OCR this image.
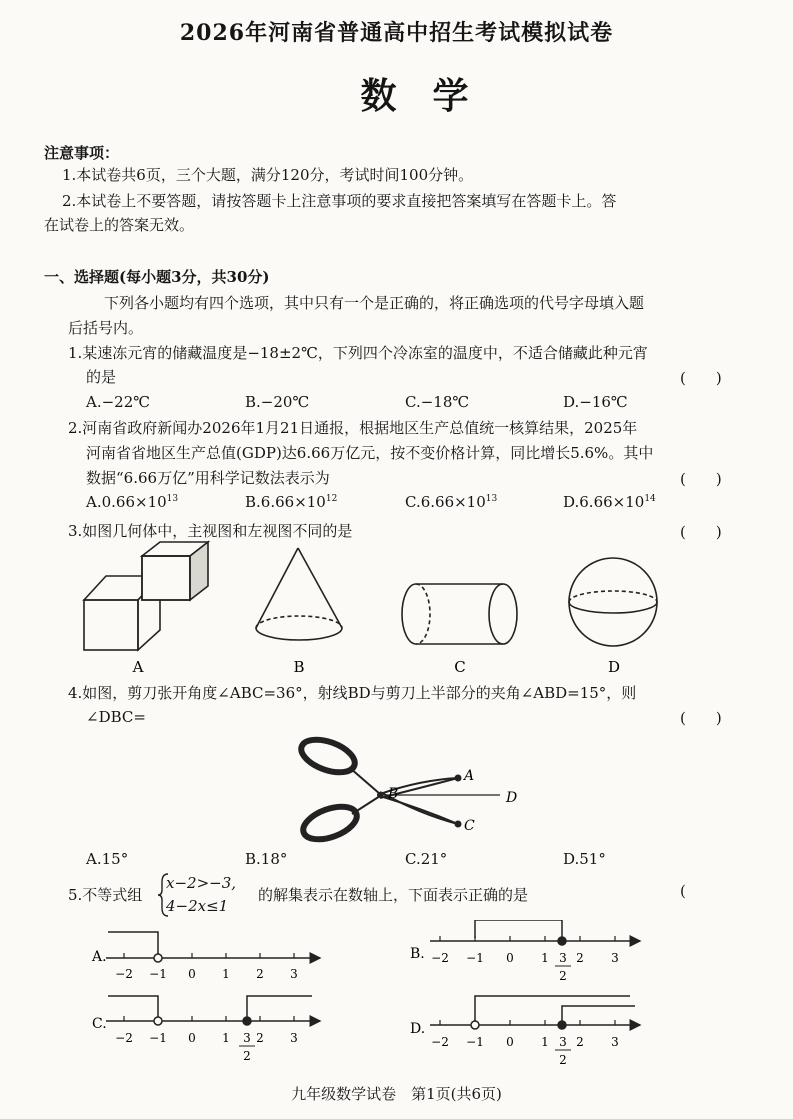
2026年河南省普通高中招生考试模拟试卷
数学
注意事项：
1.本试卷共6页，三个大题，满分120分，考试时间100分钟。
2.本试卷上不要答题，请按答题卡上注意事项的要求直接把答案填写在答题卡上。答
在试卷上的答案无效。
一、选择题(每小题3分，共30分)
下列各小题均有四个选项，其中只有一个是正确的，将正确选项的代号字母填入题
后括号内。
1.某速冻元宵的储藏温度是−18±2℃，下列四个冷冻室的温度中，不适合储藏此种元宵
的是	(　　)
A.−22℃	B.−20℃	C.−18℃	D.−16℃
2.河南省政府新闻办2026年1月21日通报，根据地区生产总值统一核算结果，2025年
河南省省地区生产总值(GDP)达6.66万亿元，按不变价格计算，同比增长5.6%。其中
数据“6.66万亿”用科学记数法表示为	(　　)
$A.0.66\times 10^{13}$	$B.6.66\times 10^{12}$	$C.6.66\times 10^{13}$	$D.6.66\times 10^{14}$
3.如图几何体中，主视图和左视图不同的是	(　　)
A	B	C	D
4.如图，剪刀张开角度∠ABC=36°，射线BD与剪刀上半部分的夹角∠ABD=15°，则
∠DBC=	(　　)
A
B
C
D
A.15°	B.18°	C.21°	D.51°
5.不等式组
x−2>−3,
4−2x≤1
的解集表示在数轴上，下面表示正确的是	(
A.
−2 −1 0 1 2 3
B. −2 −1 0 1 2 3
3
2
C.
−2 −1 0 1 2 3
3
2
D.
−2 −1 0 1 2 3
3
2
九年级数学试卷　第1页(共6页)
